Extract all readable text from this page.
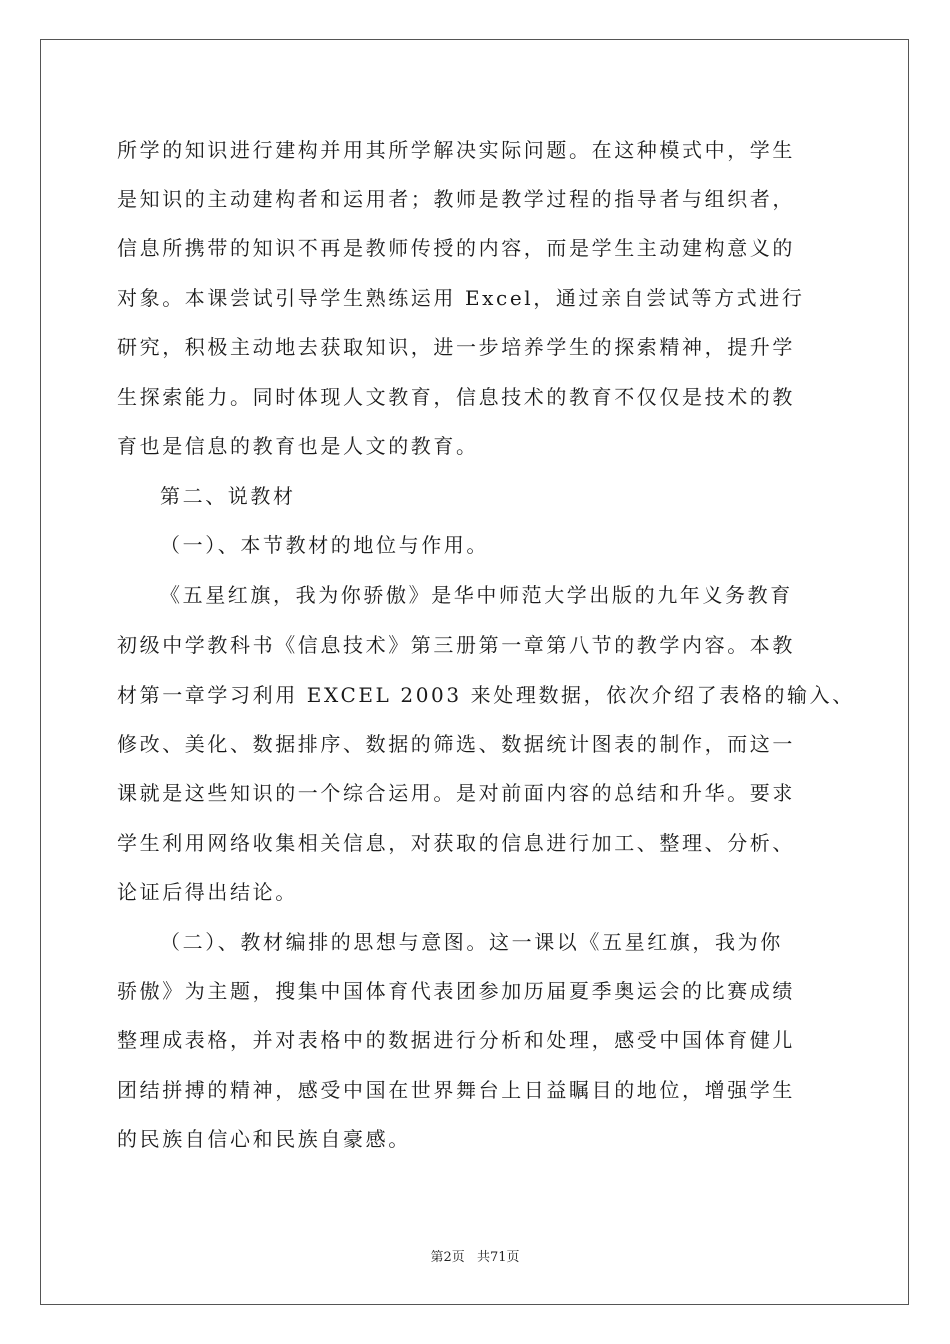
所学的知识进行建构并用其所学解决实际问题。在这种模式中，学生
是知识的主动建构者和运用者；教师是教学过程的指导者与组织者，
信息所携带的知识不再是教师传授的内容，而是学生主动建构意义的
对象。本课尝试引导学生熟练运用 Excel，通过亲自尝试等方式进行
研究，积极主动地去获取知识，进一步培养学生的探索精神，提升学
生探索能力。同时体现人文教育，信息技术的教育不仅仅是技术的教
育也是信息的教育也是人文的教育。
第二、说教材
（一）、本节教材的地位与作用。
《五星红旗，我为你骄傲》是华中师范大学出版的九年义务教育
初级中学教科书《信息技术》第三册第一章第八节的教学内容。本教
材第一章学习利用 EXCEL 2003 来处理数据，依次介绍了表格的输入、
修改、美化、数据排序、数据的筛选、数据统计图表的制作，而这一
课就是这些知识的一个综合运用。是对前面内容的总结和升华。要求
学生利用网络收集相关信息，对获取的信息进行加工、整理、分析、
论证后得出结论。
（二）、教材编排的思想与意图。这一课以《五星红旗，我为你
骄傲》为主题，搜集中国体育代表团参加历届夏季奥运会的比赛成绩
整理成表格，并对表格中的数据进行分析和处理，感受中国体育健儿
团结拼搏的精神，感受中国在世界舞台上日益瞩目的地位，增强学生
的民族自信心和民族自豪感。
第2页 共71页
